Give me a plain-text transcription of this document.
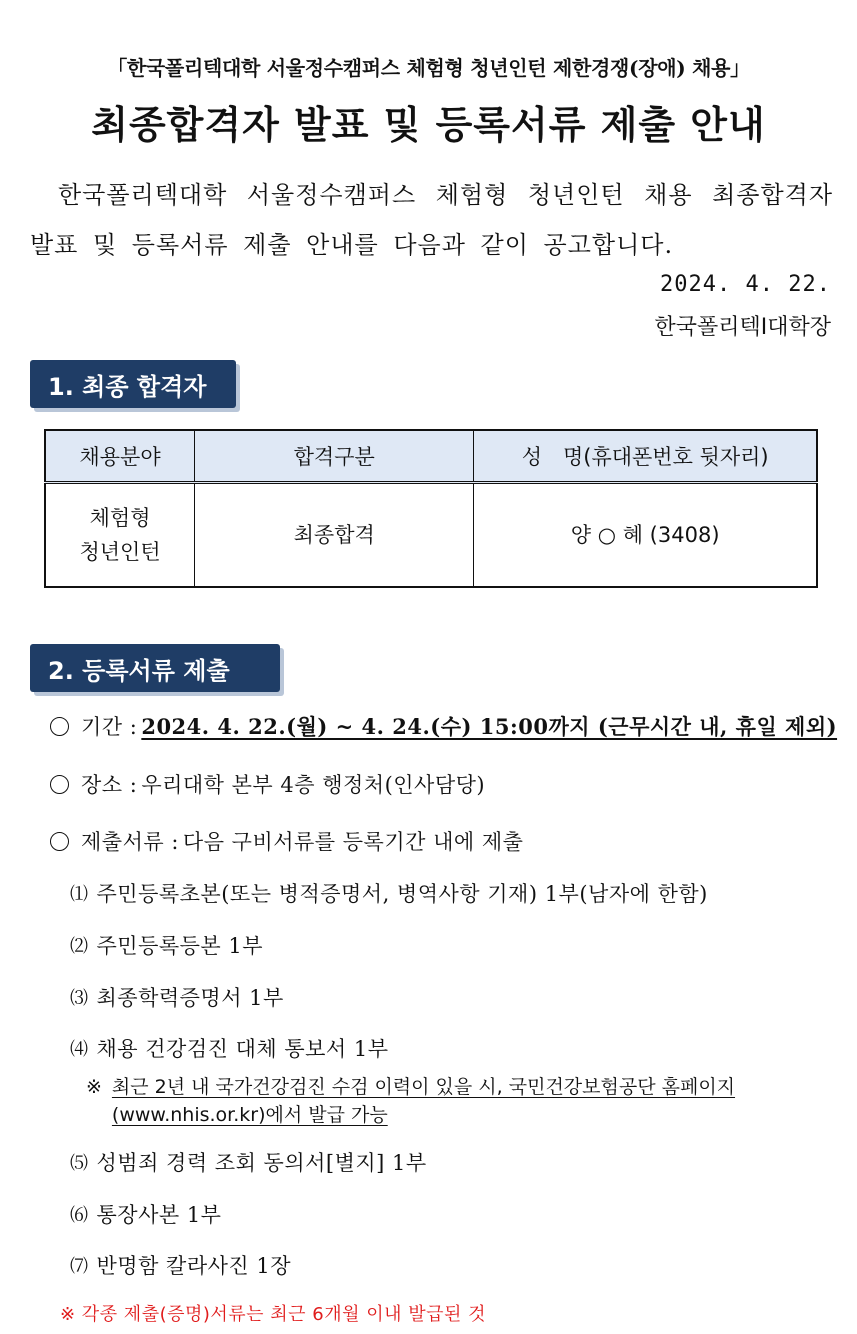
「한국폴리텍대학 서울정수캠퍼스 체험형 청년인턴 제한경쟁(장애) 채용」
최종합격자 발표 및 등록서류 제출 안내
한국폴리텍대학 서울정수캠퍼스 체험형 청년인턴 채용 최종합격자 발표 및 등록서류 제출 안내를 다음과 같이 공고합니다.
2024. 4. 22.
한국폴리텍Ⅰ대학장
1. 최종 합격자
채용분야	합격구분	성　명(휴대폰번호 뒷자리)

체험형
청년인턴	최종합격	양 ○ 혜 (3408)
2. 등록서류 제출
기간 : 2024. 4. 22.(월) ~ 4. 24.(수) 15:00까지 (근무시간 내, 휴일 제외)
장소 : 우리대학 본부 4층 행정처(인사담당)
제출서류 : 다음 구비서류를 등록기간 내에 제출
⑴ 주민등록초본(또는 병적증명서, 병역사항 기재) 1부(남자에 한함)
⑵ 주민등록등본 1부
⑶ 최종학력증명서 1부
⑷ 채용 건강검진 대체 통보서 1부
※ 최근 2년 내 국가건강검진 수검 이력이 있을 시, 국민건강보험공단 홈페이지(www.nhis.or.kr)에서 발급 가능
⑸ 성범죄 경력 조회 동의서[별지] 1부
⑹ 통장사본 1부
⑺ 반명함 칼라사진 1장
※ 각종 제출(증명)서류는 최근 6개월 이내 발급된 것
